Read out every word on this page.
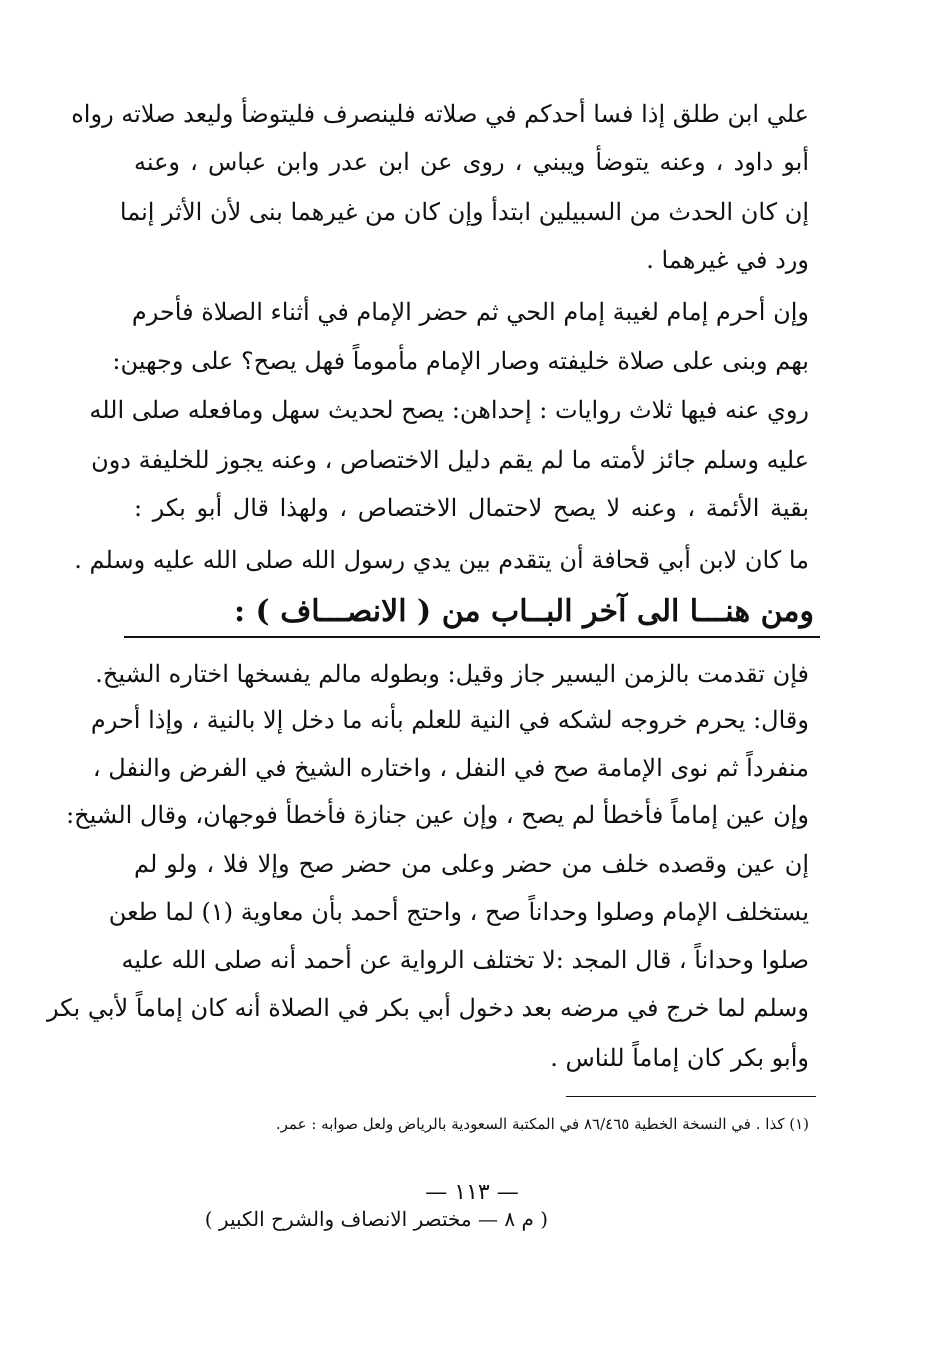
علي ابن طلق إذا فسا أحدكم في صلاته فلينصرف فليتوضأ وليعد صلاته رواه
أبو داود ، وعنه يتوضأ ويبني ، روى عن ابن عدر وابن عباس ، وعنه
إن كان الحدث من السبيلين ابتدأ وإن كان من غيرهما بنى لأن الأثر إنما
ورد في غيرهما .
وإن أحرم إمام لغيبة إمام الحي ثم حضر الإمام في أثناء الصلاة فأحرم
بهم وبنى على صلاة خليفته وصار الإمام مأموماً فهل يصح؟ على وجهين:
روي عنه فيها ثلاث روايات : إحداهن: يصح لحديث سهل ومافعله صلى الله
عليه وسلم جائز لأمته ما لم يقم دليل الاختصاص ، وعنه يجوز للخليفة دون
بقية الأئمة ، وعنه لا يصح لاحتمال الاختصاص ، ولهذا قال أبو بكر :
ما كان لابن أبي قحافة أن يتقدم بين يدي رسول الله صلى الله عليه وسلم .
ومن هنـــا الى آخر البــاب من ( الانصـــاف ) :
فإن تقدمت بالزمن اليسير جاز وقيل: وبطوله مالم يفسخها اختاره الشيخ.
وقال: يحرم خروجه لشكه في النية للعلم بأنه ما دخل إلا بالنية ، وإذا أحرم
منفرداً ثم نوى الإمامة صح في النفل ، واختاره الشيخ في الفرض والنفل ،
وإن عين إماماً فأخطأ لم يصح ، وإن عين جنازة فأخطأ فوجهان، وقال الشيخ:
إن عين وقصده خلف من حضر وعلى من حضر صح وإلا فلا ، ولو لم
يستخلف الإمام وصلوا وحداناً صح ، واحتج أحمد بأن معاوية (١) لما طعن
صلوا وحداناً ، قال المجد :لا تختلف الرواية عن أحمد أنه صلى الله عليه
وسلم لما خرج في مرضه بعد دخول أبي بكر في الصلاة أنه كان إماماً لأبي بكر
وأبو بكر كان إماماً للناس .
(١) كذا . في النسخة الخطية ٨٦/٤٦٥ في المكتبة السعودية بالرياض ولعل صوابه : عمر.
— ١١٣ —
( م ٨ — مختصر الانصاف والشرح الكبير )
